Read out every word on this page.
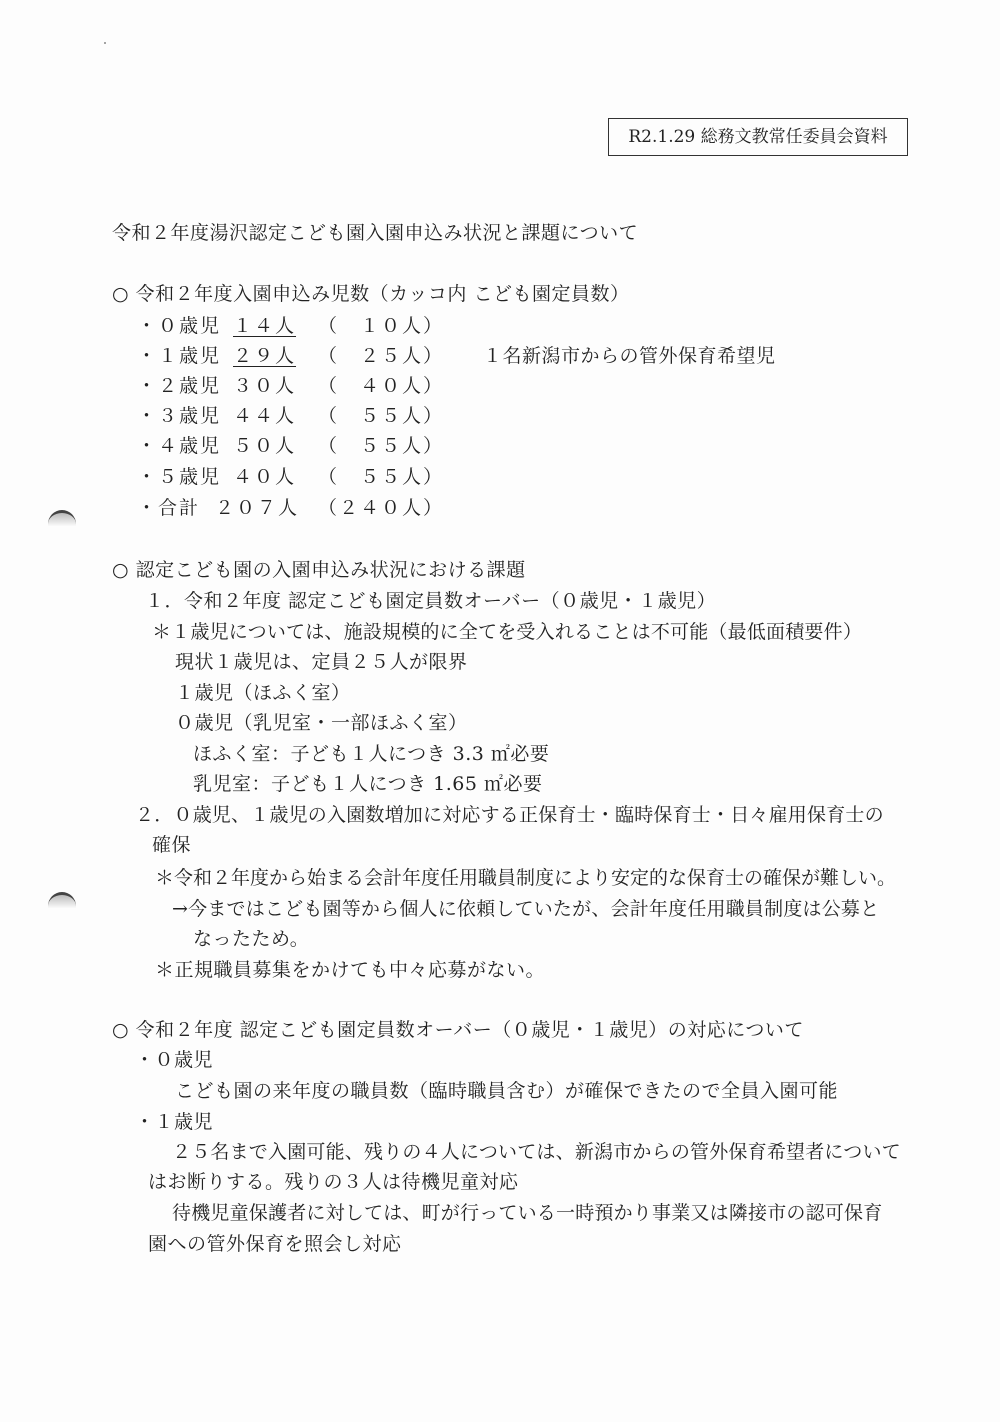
R2.1.29 総務文教常任委員会資料
令和２年度湯沢認定こども園入園申込み状況と課題について
○ 令和２年度入園申込み児数（カッコ内 こども園定員数）
・０歳児 １４人 （　１０人）
・１歳児 ２９人 （　２５人） １名新潟市からの管外保育希望児
・２歳児 ３０人 （　４０人）
・３歳児 ４４人 （　５５人）
・４歳児 ５０人 （　５５人）
・５歳児 ４０人 （　５５人）
・合計 ２０７人 （２４０人）
○ 認定こども園の入園申込み状況における課題
１．令和２年度 認定こども園定員数オーバー（０歳児・１歳児）
＊１歳児については、施設規模的に全てを受入れることは不可能（最低面積要件）
現状１歳児は、定員２５人が限界
１歳児（ほふく室）
０歳児（乳児室・一部ほふく室）
ほふく室：子ども１人につき 3.3 ㎡必要
乳児室：子ども１人につき 1.65 ㎡必要
２．０歳児、１歳児の入園数増加に対応する正保育士・臨時保育士・日々雇用保育士の
確保
＊令和２年度から始まる会計年度任用職員制度により安定的な保育士の確保が難しい。
→今まではこども園等から個人に依頼していたが、会計年度任用職員制度は公募と
なったため。
＊正規職員募集をかけても中々応募がない。
○ 令和２年度 認定こども園定員数オーバー（０歳児・１歳児）の対応について
・０歳児
こども園の来年度の職員数（臨時職員含む）が確保できたので全員入園可能
・１歳児
２５名まで入園可能、残りの４人については、新潟市からの管外保育希望者について
はお断りする。残りの３人は待機児童対応
待機児童保護者に対しては、町が行っている一時預かり事業又は隣接市の認可保育
園への管外保育を照会し対応
